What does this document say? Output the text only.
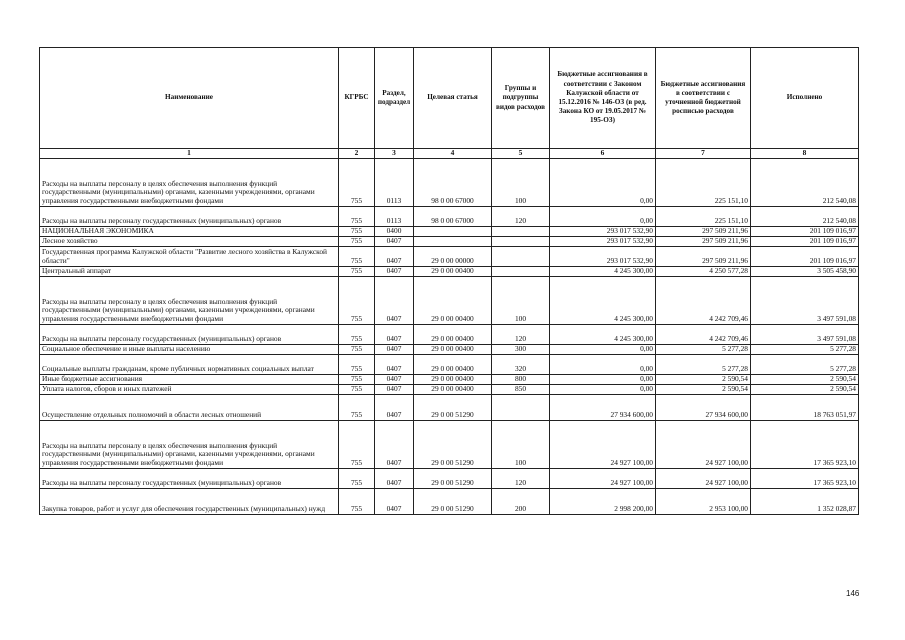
Наименование	КГРБС	Раздел, подраздел	Целевая статья	Группы и подгруппы видов расходов	Бюджетные ассигнования в соответствии с Законом Калужской области от 15.12.2016 № 146-ОЗ (в ред. Закона КО от 19.05.2017 № 195-ОЗ)	Бюджетные ассигнования в соответствии с уточненной бюджетной росписью расходов	Исполнено
1	2	3	4	5	6	7	8
Расходы на выплаты персоналу в целях обеспечения выполнения функций государственными (муниципальными) органами, казенными учреждениями, органами управления государственными внебюджетными фондами	755	0113	98 0 00 67000	100	0,00	225 151,10	212 540,08
Расходы на выплаты персоналу государственных (муниципальных) органов	755	0113	98 0 00 67000	120	0,00	225 151,10	212 540,08
НАЦИОНАЛЬНАЯ ЭКОНОМИКА	755	0400			293 017 532,90	297 509 211,96	201 109 016,97
Лесное хозяйство	755	0407			293 017 532,90	297 509 211,96	201 109 016,97
Государственная программа Калужской области "Развитие лесного хозяйства в Калужской области"	755	0407	29 0 00 00000		293 017 532,90	297 509 211,96	201 109 016,97
Центральный аппарат	755	0407	29 0 00 00400		4 245 300,00	4 250 577,28	3 505 458,90
Расходы на выплаты персоналу в целях обеспечения выполнения функций государственными (муниципальными) органами, казенными учреждениями, органами управления государственными внебюджетными фондами	755	0407	29 0 00 00400	100	4 245 300,00	4 242 709,46	3 497 591,08
Расходы на выплаты персоналу государственных (муниципальных) органов	755	0407	29 0 00 00400	120	4 245 300,00	4 242 709,46	3 497 591,08
Социальное обеспечение и иные выплаты населению	755	0407	29 0 00 00400	300	0,00	5 277,28	5 277,28
Социальные выплаты гражданам, кроме публичных нормативных социальных выплат	755	0407	29 0 00 00400	320	0,00	5 277,28	5 277,28
Иные бюджетные ассигнования	755	0407	29 0 00 00400	800	0,00	2 590,54	2 590,54
Уплата налогов, сборов и иных платежей	755	0407	29 0 00 00400	850	0,00	2 590,54	2 590,54
Осуществление отдельных полномочий в области лесных отношений	755	0407	29 0 00 51290		27 934 600,00	27 934 600,00	18 763 051,97
Расходы на выплаты персоналу в целях обеспечения выполнения функций государственными (муниципальными) органами, казенными учреждениями, органами управления государственными внебюджетными фондами	755	0407	29 0 00 51290	100	24 927 100,00	24 927 100,00	17 365 923,10
Расходы на выплаты персоналу государственных (муниципальных) органов	755	0407	29 0 00 51290	120	24 927 100,00	24 927 100,00	17 365 923,10
Закупка товаров, работ и услуг для обеспечения государственных (муниципальных) нужд	755	0407	29 0 00 51290	200	2 998 200,00	2 953 100,00	1 352 028,87
146
